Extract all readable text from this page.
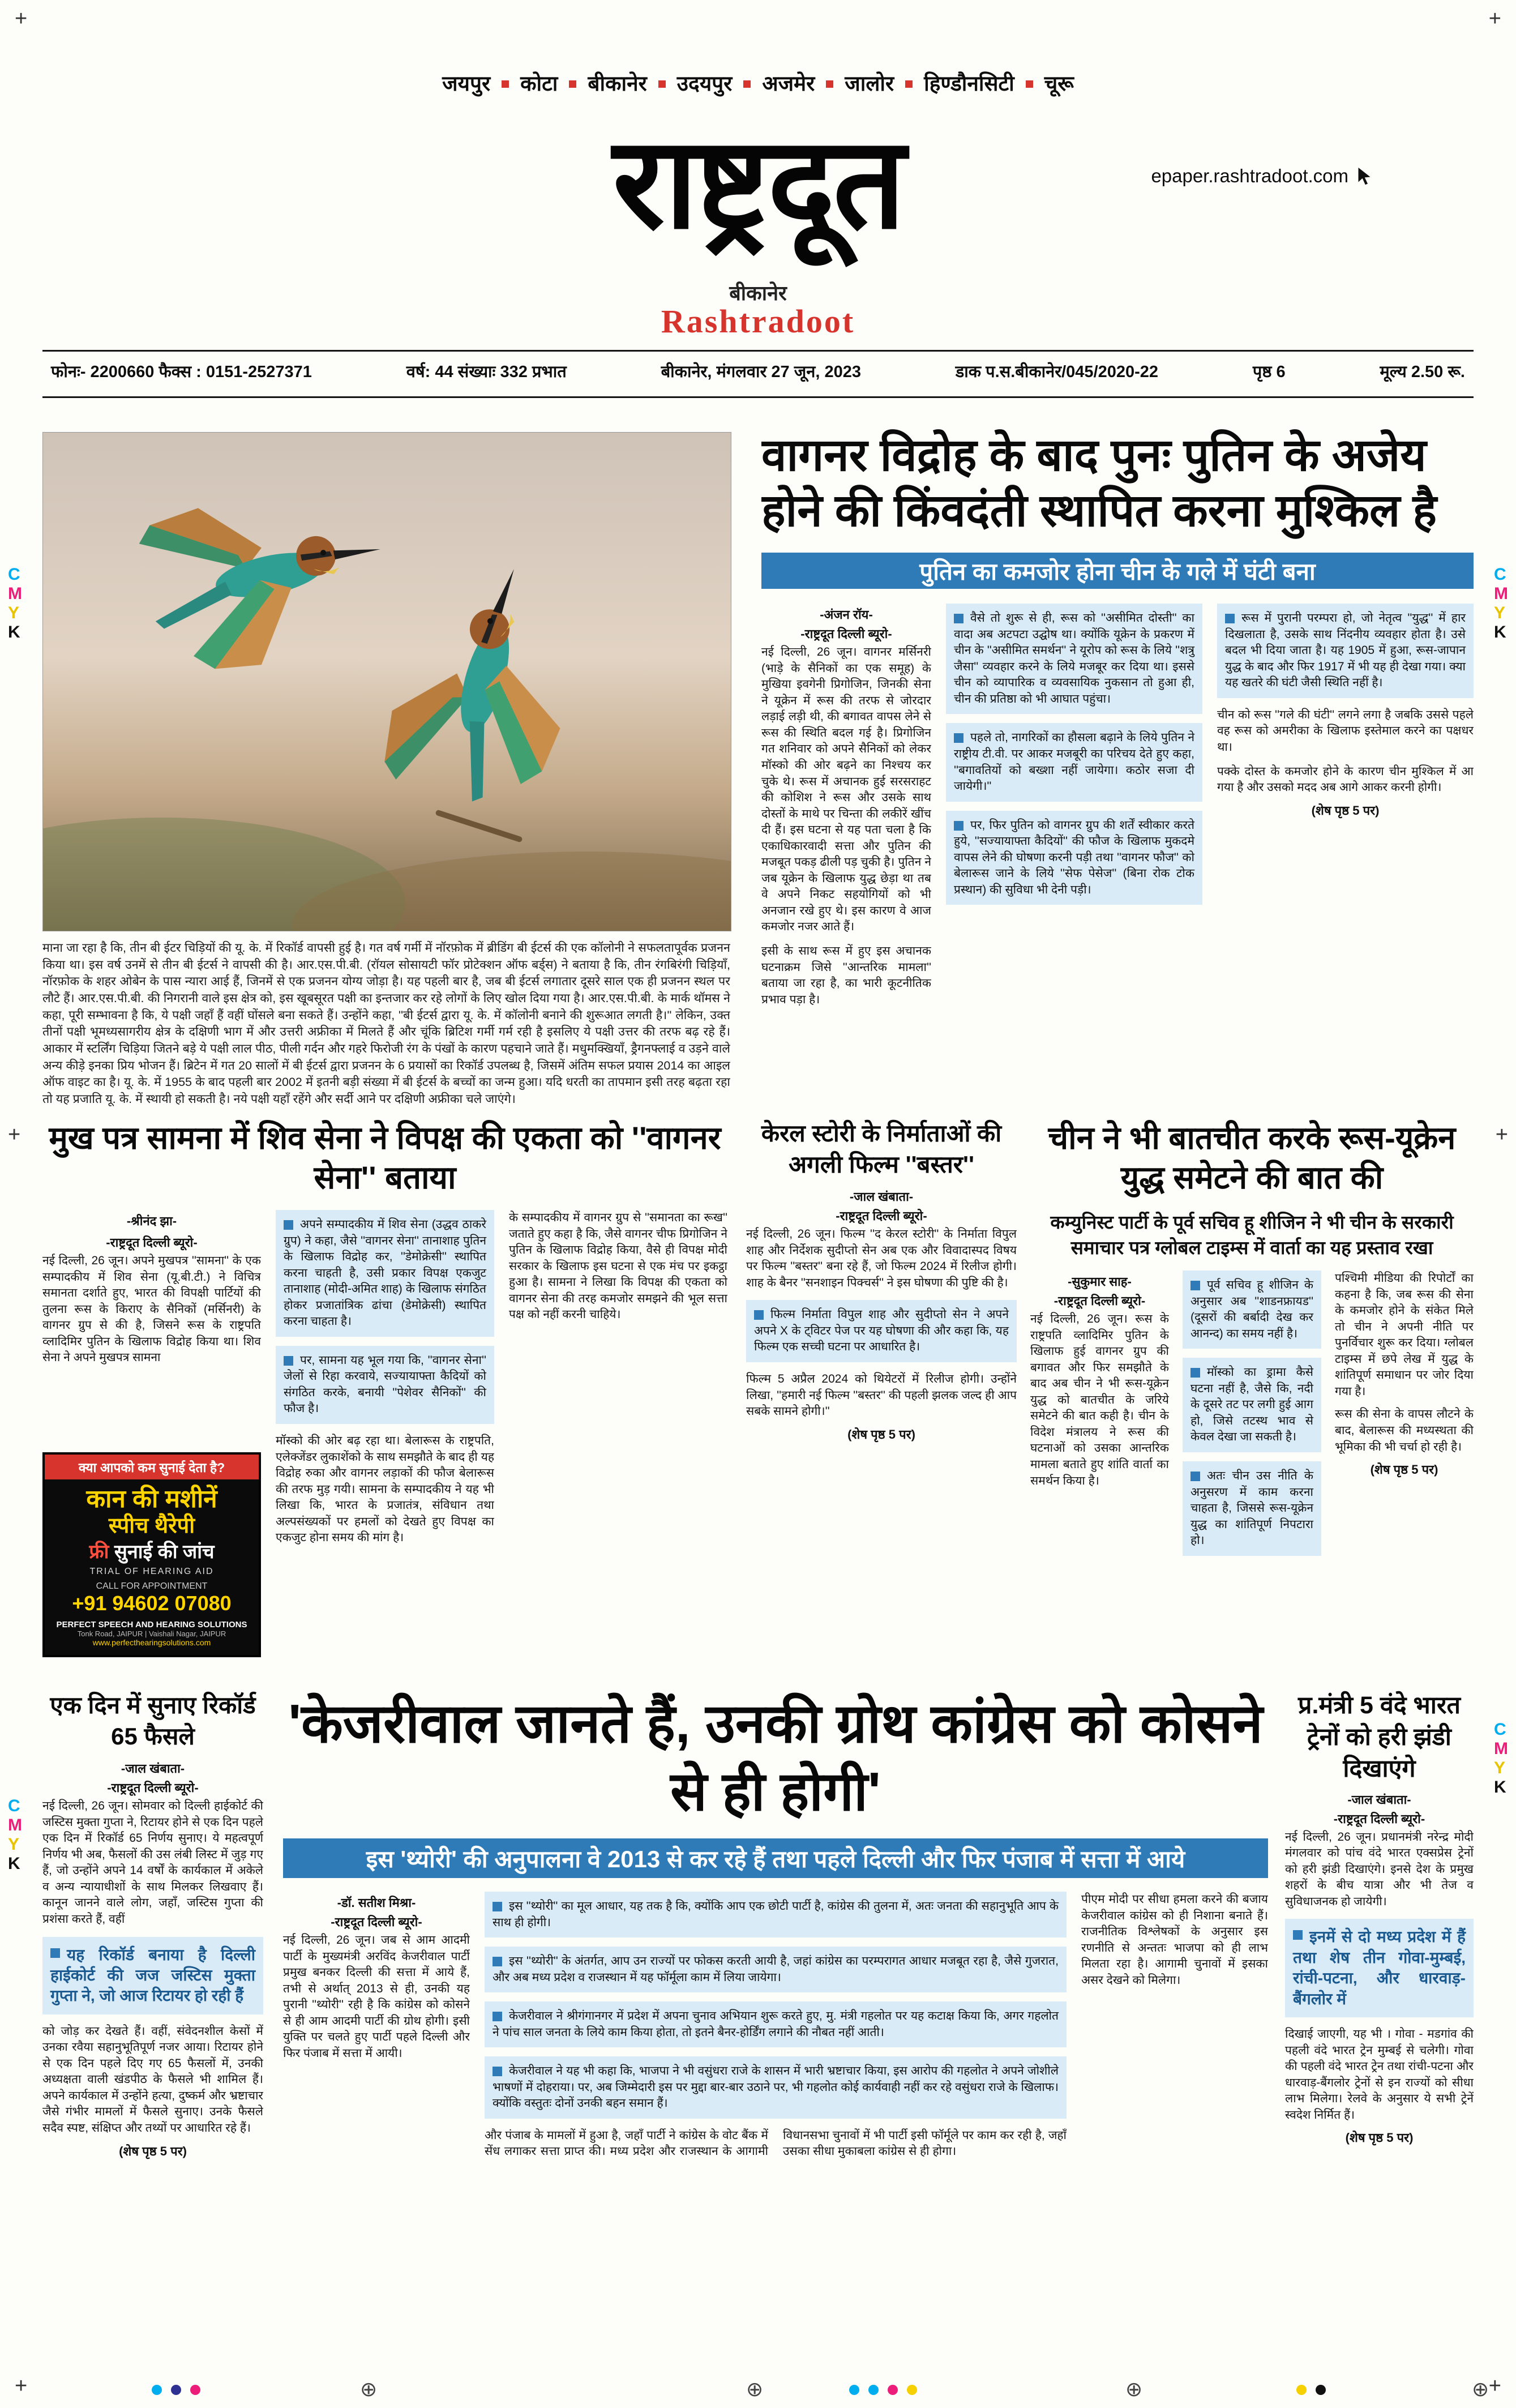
+	+
+	+
+	+
C
M
Y
K
C
M
Y
K
C
M
Y
K
C
M
Y
K
जयपुर कोटा बीकानेर उदयपुर अजमेर जालोर हिण्डौनसिटी चूरू
राष्ट्रदूत	epaper.rashtradoot.com
बीकानेर
Rashtradoot
फोनः- 2200660 फैक्स : 0151-2527371	वर्ष: 44 संख्याः 332 प्रभात	बीकानेर, मंगलवार 27 जून, 2023	डाक प.स.बीकानेर/045/2020-22	पृष्ठ 6	मूल्य 2.50 रू.
माना जा रहा है कि, तीन बी ईटर चिड़ियों की यू. के. में रिकॉर्ड वापसी हुई है। गत वर्ष गर्मी में नॉरफ़ोक में ब्रीडिंग बी ईटर्स की एक कॉलोनी ने सफलतापूर्वक प्रजनन किया था। इस वर्ष उनमें से तीन बी ईटर्स ने वापसी की है। आर.एस.पी.बी. (रॉयल सोसायटी फॉर प्रोटेक्शन ऑफ बर्ड्स) ने बताया है कि, तीन रंगबिरंगी चिड़ियाँ, नॉरफ़ोक के शहर ओबेन के पास न्यारा आई हैं, जिनमें से एक प्रजनन योग्य जोड़ा है। यह पहली बार है, जब बी ईटर्स लगातार दूसरे साल एक ही प्रजनन स्थल पर लौटे हैं। आर.एस.पी.बी. की निगरानी वाले इस क्षेत्र को, इस खूबसूरत पक्षी का इन्तजार कर रहे लोगों के लिए खोल दिया गया है। आर.एस.पी.बी. के मार्क थॉमस ने कहा, पूरी सम्भावना है कि, ये पक्षी जहाँ हैं वहीं घोंसले बना सकते हैं। उन्होंने कहा, ''बी ईटर्स द्वारा यू. के. में कॉलोनी बनाने की शुरूआत लगती है।'' लेकिन, उक्त तीनों पक्षी भूमध्यसागरीय क्षेत्र के दक्षिणी भाग में और उत्तरी अफ्रीका में मिलते हैं और चूंकि ब्रिटिश गर्मी गर्म रही है इसलिए ये पक्षी उत्तर की तरफ बढ़ रहे हैं। आकार में स्टर्लिंग चिड़िया जितने बड़े ये पक्षी लाल पीठ, पीली गर्दन और गहरे फिरोजी रंग के पंखों के कारण पहचाने जाते हैं। मधुमक्खियाँ, ड्रैगनफ्लाई व उड़ने वाले अन्य कीड़े इनका प्रिय भोजन हैं। ब्रिटेन में गत 20 सालों में बी ईटर्स द्वारा प्रजनन के 6 प्रयासों का रिकॉर्ड उपलब्ध है, जिसमें अंतिम सफल प्रयास 2014 का आइल ऑफ वाइट का है। यू. के. में 1955 के बाद पहली बार 2002 में इतनी बड़ी संख्या में बी ईटर्स के बच्चों का जन्म हुआ। यदि धरती का तापमान इसी तरह बढ़ता रहा तो यह प्रजाति यू. के. में स्थायी हो सकती है। नये पक्षी यहाँ रहेंगे और सर्दी आने पर दक्षिणी अफ्रीका चले जाएंगे।
वागनर विद्रोह के बाद पुनः पुतिन के अजेय होने की किंवदंती स्थापित करना मुश्किल है
पुतिन का कमजोर होना चीन के गले में घंटी बना
-अंजन रॉय-
-राष्ट्रदूत दिल्ली ब्यूरो-
नई दिल्ली, 26 जून। वागनर मर्सिनरी (भाड़े के सैनिकों का एक समूह) के मुखिया इवगेनी प्रिगोजिन, जिनकी सेना ने यूक्रेन में रूस की तरफ से जोरदार लड़ाई लड़ी थी, की बगावत वापस लेने से रूस की स्थिति बदल गई है। प्रिगोजिन गत शनिवार को अपने सैनिकों को लेकर मॉस्को की ओर बढ़ने का निश्चय कर चुके थे। रूस में अचानक हुई सरसराहट की कोशिश ने रूस और उसके साथ दोस्तों के माथे पर चिन्ता की लकीरें खींच दी हैं। इस घटना से यह पता चला है कि एकाधिकारवादी सत्ता और पुतिन की मजबूत पकड़ ढीली पड़ चुकी है। पुतिन ने जब यूक्रेन के खिलाफ युद्ध छेड़ा था तब वे अपने निकट सहयोगियों को भी अनजान रखे हुए थे। इस कारण वे आज कमजोर नजर आते हैं।
इसी के साथ रूस में हुए इस अचानक घटनाक्रम जिसे ''आन्तरिक मामला'' बताया जा रहा है, का भारी कूटनीतिक प्रभाव पड़ा है।
वैसे तो शुरू से ही, रूस को ''असीमित दोस्ती'' का वादा अब अटपटा उद्घोष था। क्योंकि यूक्रेन के प्रकरण में चीन के ''असीमित समर्थन'' ने यूरोप को रूस के लिये ''शत्रु जैसा'' व्यवहार करने के लिये मजबूर कर दिया था। इससे चीन को व्यापारिक व व्यवसायिक नुकसान तो हुआ ही, चीन की प्रतिष्ठा को भी आघात पहुंचा।
पहले तो, नागरिकों का हौसला बढ़ाने के लिये पुतिन ने राष्ट्रीय टी.वी. पर आकर मजबूरी का परिचय देते हुए कहा, ''बगावतियों को बख्शा नहीं जायेगा। कठोर सजा दी जायेगी।''
पर, फिर पुतिन को वागनर ग्रुप की शर्तें स्वीकार करते हुये, ''सज्यायाफ्ता कैदियों'' की फौज के खिलाफ मुकदमे वापस लेने की घोषणा करनी पड़ी तथा ''वागनर फौज'' को बेलारूस जाने के लिये ''सेफ पेसेज'' (बिना रोक टोक प्रस्थान) की सुविधा भी देनी पड़ी।
रूस में पुरानी परम्परा हो, जो नेतृत्व ''युद्ध'' में हार दिखलाता है, उसके साथ निंदनीय व्यवहार होता है। उसे बदल भी दिया जाता है। यह 1905 में हुआ, रूस-जापान युद्ध के बाद और फिर 1917 में भी यह ही देखा गया। क्या यह खतरे की घंटी जैसी स्थिति नहीं है।
चीन को रूस ''गले की घंटी'' लगने लगा है जबकि उससे पहले वह रूस को अमरीका के खिलाफ इस्तेमाल करने का पक्षधर था।
पक्के दोस्त के कमजोर होने के कारण चीन मुश्किल में आ गया है और उसको मदद अब आगे आकर करनी होगी।
(शेष पृष्ठ 5 पर)
मुख पत्र सामना में शिव सेना ने विपक्ष की एकता को ''वागनर सेना'' बताया
-श्रीनंद झा-
-राष्ट्रदूत दिल्ली ब्यूरो-
नई दिल्ली, 26 जून। अपने मुखपत्र ''सामना'' के एक सम्पादकीय में शिव सेना (यू.बी.टी.) ने विचित्र समानता दर्शाते हुए, भारत की विपक्षी पार्टियों की तुलना रूस के किराए के सैनिकों (मर्सिनरी) के वागनर ग्रुप से की है, जिसने रूस के राष्ट्रपति व्लादिमिर पुतिन के खिलाफ विद्रोह किया था। शिव सेना ने अपने मुखपत्र सामना
क्या आपको कम सुनाई देता है?
कान की मशीनें
स्पीच थैरेपी
फ्री सुनाई की जांच
TRIAL OF HEARING AID
CALL FOR APPOINTMENT
+91 94602 07080
PERFECT SPEECH AND HEARING SOLUTIONS
Tonk Road, JAIPUR | Vaishali Nagar, JAIPUR
www.perfecthearingsolutions.com
अपने सम्पादकीय में शिव सेना (उद्धव ठाकरे ग्रुप) ने कहा, जैसे ''वागनर सेना'' तानाशाह पुतिन के खिलाफ विद्रोह कर, ''डेमोक्रेसी'' स्थापित करना चाहती है, उसी प्रकार विपक्ष एकजुट तानाशाह (मोदी-अमित शाह) के खिलाफ संगठित होकर प्रजातांत्रिक ढांचा (डेमोक्रेसी) स्थापित करना चाहता है।
पर, सामना यह भूल गया कि, ''वागनर सेना'' जेलों से रिहा करवाये, सज्यायाफ्ता कैदियों को संगठित करके, बनायी ''पेशेवर सैनिकों'' की फौज है।
मॉस्को की ओर बढ़ रहा था। बेलारूस के राष्ट्रपति, एलेक्जेंडर लुकाशेंको के साथ समझौते के बाद ही यह विद्रोह रुका और वागनर लड़ाकों की फौज बेलारूस की तरफ मुड़ गयी। सामना के सम्पादकीय ने यह भी लिखा कि, भारत के प्रजातंत्र, संविधान तथा अल्पसंख्यकों पर हमलों को देखते हुए विपक्ष का एकजुट होना समय की मांग है।
के सम्पादकीय में वागनर ग्रुप से ''समानता का रूख'' जताते हुए कहा है कि, जैसे वागनर चीफ प्रिगोजिन ने पुतिन के खिलाफ विद्रोह किया, वैसे ही विपक्ष मोदी सरकार के खिलाफ इस घटना से एक मंच पर इकट्ठा हुआ है। सामना ने लिखा कि विपक्ष की एकता को वागनर सेना की तरह कमजोर समझने की भूल सत्ता पक्ष को नहीं करनी चाहिये।
केरल स्टोरी के निर्माताओं की अगली फिल्म ''बस्तर''
-जाल खंबाता-
-राष्ट्रदूत दिल्ली ब्यूरो-
नई दिल्ली, 26 जून। फिल्म ''द केरल स्टोरी'' के निर्माता विपुल शाह और निर्देशक सुदीप्तो सेन अब एक और विवादास्पद विषय पर फिल्म ''बस्तर'' बना रहे हैं, जो फिल्म 2024 में रिलीज होगी। शाह के बैनर ''सनशाइन पिक्चर्स'' ने इस घोषणा की पुष्टि की है।
फिल्म निर्माता विपुल शाह और सुदीप्तो सेन ने अपने अपने X के ट्विटर पेज पर यह घोषणा की और कहा कि, यह फिल्म एक सच्ची घटना पर आधारित है।
फिल्म 5 अप्रैल 2024 को थियेटरों में रिलीज होगी। उन्होंने लिखा, ''हमारी नई फिल्म ''बस्तर'' की पहली झलक जल्द ही आप सबके सामने होगी।''
(शेष पृष्ठ 5 पर)
चीन ने भी बातचीत करके रूस-यूक्रेन युद्ध समेटने की बात की
कम्युनिस्ट पार्टी के पूर्व सचिव हू शीजिन ने भी चीन के सरकारी समाचार पत्र ग्लोबल टाइम्स में वार्ता का यह प्रस्ताव रखा
-सुकुमार साह-
-राष्ट्रदूत दिल्ली ब्यूरो-
नई दिल्ली, 26 जून। रूस के राष्ट्रपति व्लादिमिर पुतिन के खिलाफ हुई वागनर ग्रुप की बगावत और फिर समझौते के बाद अब चीन ने भी रूस-यूक्रेन युद्ध को बातचीत के जरिये समेटने की बात कही है। चीन के विदेश मंत्रालय ने रूस की घटनाओं को उसका आन्तरिक मामला बताते हुए शांति वार्ता का समर्थन किया है।
पूर्व सचिव हू शीजिन के अनुसार अब ''शाडनफ्रायड'' (दूसरों की बर्बादी देख कर आनन्द) का समय नहीं है।
मॉस्को का ड्रामा कैसे घटना नहीं है, जैसे कि, नदी के दूसरे तट पर लगी हुई आग हो, जिसे तटस्थ भाव से केवल देखा जा सकती है।
अतः चीन उस नीति के अनुसरण में काम करना चाहता है, जिससे रूस-यूक्रेन युद्ध का शांतिपूर्ण निपटारा हो।
पश्चिमी मीडिया की रिपोर्टों का कहना है कि, जब रूस की सेना के कमजोर होने के संकेत मिले तो चीन ने अपनी नीति पर पुनर्विचार शुरू कर दिया। ग्लोबल टाइम्स में छपे लेख में युद्ध के शांतिपूर्ण समाधान पर जोर दिया गया है।
रूस की सेना के वापस लौटने के बाद, बेलारूस की मध्यस्थता की भूमिका की भी चर्चा हो रही है।
(शेष पृष्ठ 5 पर)
एक दिन में सुनाए रिकॉर्ड 65 फैसले
-जाल खंबाता-
-राष्ट्रदूत दिल्ली ब्यूरो-
नई दिल्ली, 26 जून। सोमवार को दिल्ली हाईकोर्ट की जस्टिस मुक्ता गुप्ता ने, रिटायर होने से एक दिन पहले एक दिन में रिकॉर्ड 65 निर्णय सुनाए। ये महत्वपूर्ण निर्णय भी अब, फैसलों की उस लंबी लिस्ट में जुड़ गए हैं, जो उन्होंने अपने 14 वर्षों के कार्यकाल में अकेले व अन्य न्यायाधीशों के साथ मिलकर लिखवाए हैं। कानून जानने वाले लोग, जहाँ, जस्टिस गुप्ता की प्रशंसा करते हैं, वहीं
यह रिकॉर्ड बनाया है दिल्ली हाईकोर्ट की जज जस्टिस मुक्ता गुप्ता ने, जो आज रिटायर हो रही हैं
को जोड़ कर देखते हैं। वहीं, संवेदनशील केसों में उनका रवैया सहानुभूतिपूर्ण नजर आया। रिटायर होने से एक दिन पहले दिए गए 65 फैसलों में, उनकी अध्यक्षता वाली खंडपीठ के फैसले भी शामिल हैं। अपने कार्यकाल में उन्होंने हत्या, दुष्कर्म और भ्रष्टाचार जैसे गंभीर मामलों में फैसले सुनाए। उनके फैसले सदैव स्पष्ट, संक्षिप्त और तथ्यों पर आधारित रहे हैं।
(शेष पृष्ठ 5 पर)
'केजरीवाल जानते हैं, उनकी ग्रोथ कांग्रेस को कोसने से ही होगी'
इस 'थ्योरी' की अनुपालना वे 2013 से कर रहे हैं तथा पहले दिल्ली और फिर पंजाब में सत्ता में आये
-डॉ. सतीश मिश्रा-
-राष्ट्रदूत दिल्ली ब्यूरो-
नई दिल्ली, 26 जून। जब से आम आदमी पार्टी के मुख्यमंत्री अरविंद केजरीवाल पार्टी प्रमुख बनकर दिल्ली की सत्ता में आये हैं, तभी से अर्थात् 2013 से ही, उनकी यह पुरानी ''थ्योरी'' रही है कि कांग्रेस को कोसने से ही आम आदमी पार्टी की ग्रोथ होगी। इसी युक्ति पर चलते हुए पार्टी पहले दिल्ली और फिर पंजाब में सत्ता में आयी।
इस ''थ्योरी'' का मूल आधार, यह तक है कि, क्योंकि आप एक छोटी पार्टी है, कांग्रेस की तुलना में, अतः जनता की सहानुभूति आप के साथ ही होगी।
इस ''थ्योरी'' के अंतर्गत, आप उन राज्यों पर फोकस करती आयी है, जहां कांग्रेस का परम्परागत आधार मजबूत रहा है, जैसे गुजरात, और अब मध्य प्रदेश व राजस्थान में यह फॉर्मूला काम में लिया जायेगा।
केजरीवाल ने श्रीगंगानगर में प्रदेश में अपना चुनाव अभियान शुरू करते हुए, मु. मंत्री गहलोत पर यह कटाक्ष किया कि, अगर गहलोत ने पांच साल जनता के लिये काम किया होता, तो इतने बैनर-होर्डिंग लगाने की नौबत नहीं आती।
केजरीवाल ने यह भी कहा कि, भाजपा ने भी वसुंधरा राजे के शासन में भारी भ्रष्टाचार किया, इस आरोप की गहलोत ने अपने जोशीले भाषणों में दोहराया। पर, अब जिम्मेदारी इस पर मुद्दा बार-बार उठाने पर, भी गहलोत कोई कार्यवाही नहीं कर रहे वसुंधरा राजे के खिलाफ। क्योंकि वस्तुतः दोनों उनकी बहन समान हैं।
और पंजाब के मामलों में हुआ है, जहाँ पार्टी ने कांग्रेस के वोट बैंक में सेंध लगाकर सत्ता प्राप्त की। मध्य प्रदेश और राजस्थान के आगामी विधानसभा चुनावों में भी पार्टी इसी फॉर्मूले पर काम कर रही है, जहाँ उसका सीधा मुकाबला कांग्रेस से ही होगा।
पीएम मोदी पर सीधा हमला करने की बजाय केजरीवाल कांग्रेस को ही निशाना बनाते हैं। राजनीतिक विश्लेषकों के अनुसार इस रणनीति से अन्ततः भाजपा को ही लाभ मिलता रहा है। आगामी चुनावों में इसका असर देखने को मिलेगा।
प्र.मंत्री 5 वंदे भारत ट्रेनों को हरी झंडी दिखाएंगे
-जाल खंबाता-
-राष्ट्रदूत दिल्ली ब्यूरो-
नई दिल्ली, 26 जून। प्रधानमंत्री नरेन्द्र मोदी मंगलवार को पांच वंदे भारत एक्सप्रेस ट्रेनों को हरी झंडी दिखाएंगे। इनसे देश के प्रमुख शहरों के बीच यात्रा और भी तेज व सुविधाजनक हो जायेगी।
इनमें से दो मध्य प्रदेश में हैं तथा शेष तीन गोवा-मुम्बई, रांची-पटना, और धारवाड़-बैंगलोर में
दिखाई जाएगी, यह भी । गोवा - मडगांव की पहली वंदे भारत ट्रेन मुम्बई से चलेगी। गोवा की पहली वंदे भारत ट्रेन तथा रांची-पटना और धारवाड़-बैंगलोर ट्रेनों से इन राज्यों को सीधा लाभ मिलेगा। रेलवे के अनुसार ये सभी ट्रेनें स्वदेश निर्मित हैं।
(शेष पृष्ठ 5 पर)
⊕	⊕	⊕	⊕
